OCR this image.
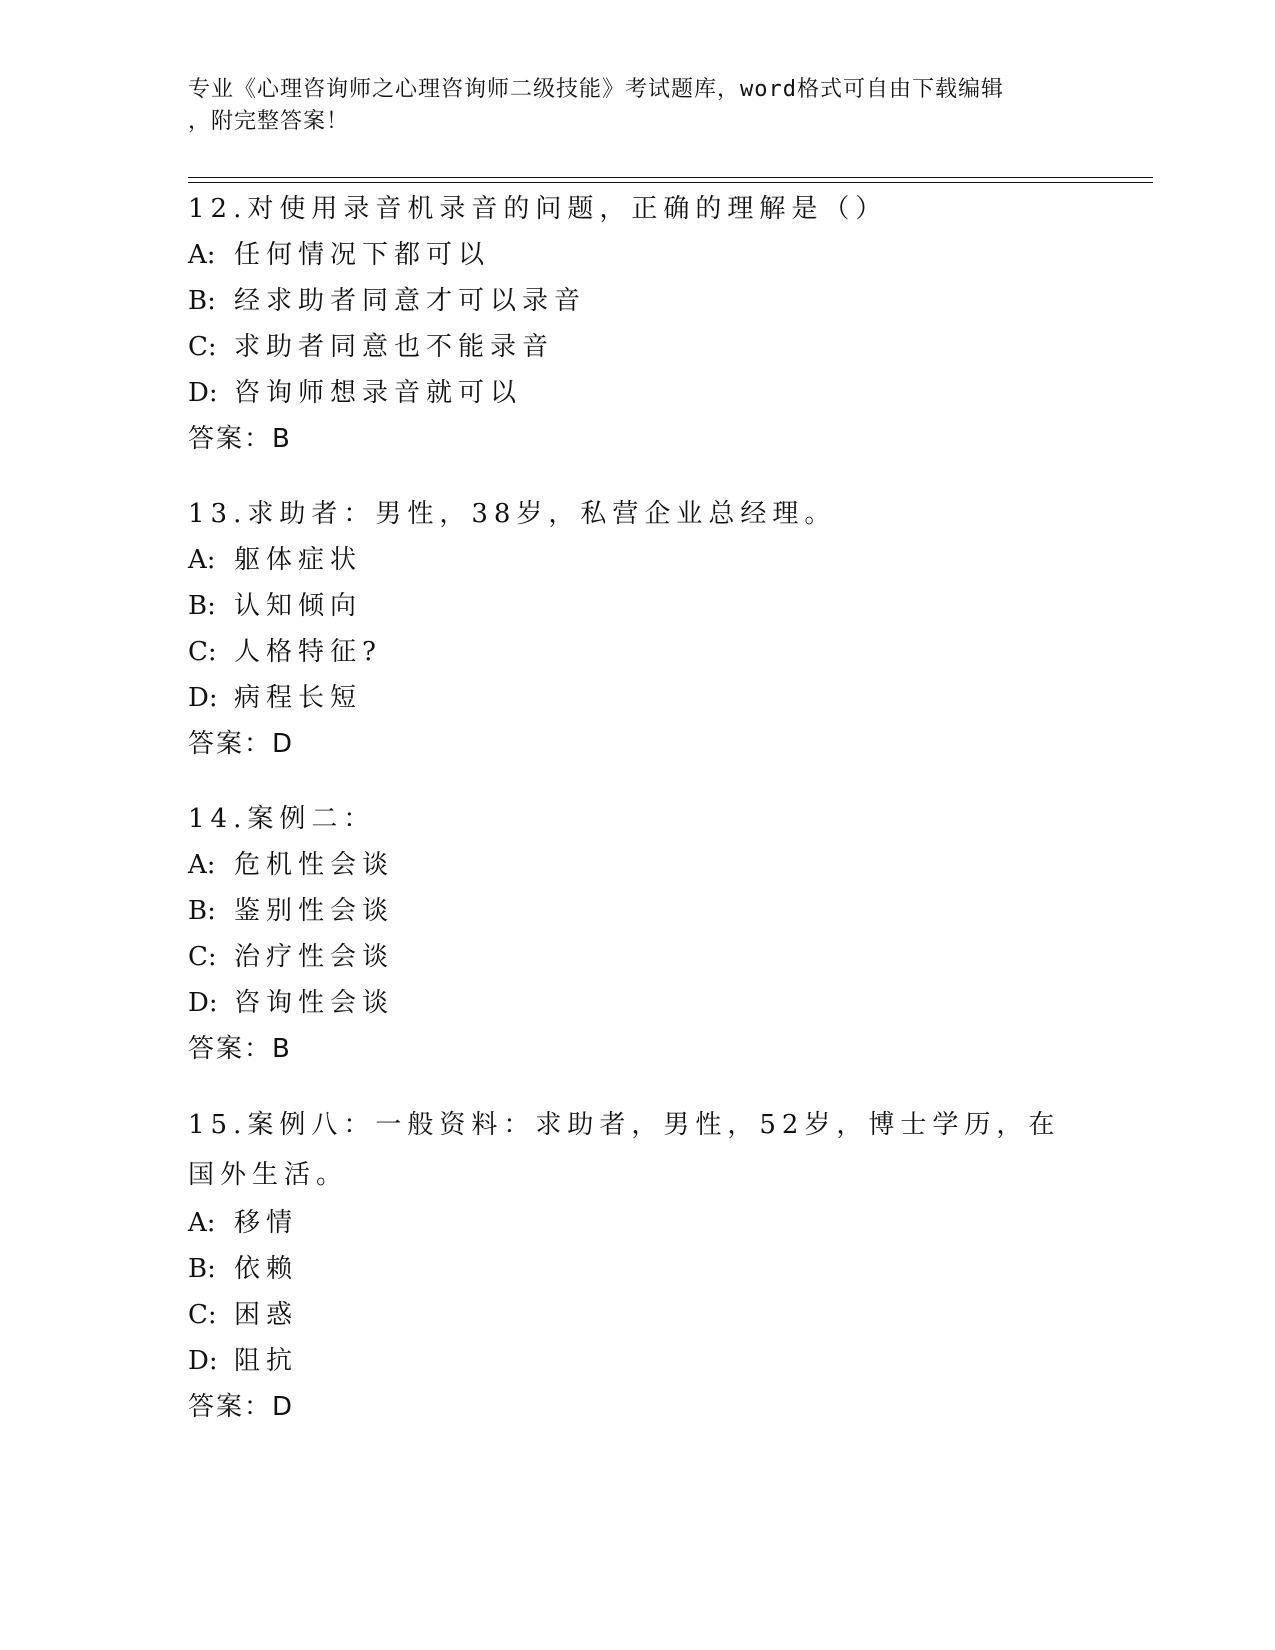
专业《心理咨询师之心理咨询师二级技能》考试题库，word格式可自由下载编辑
，附完整答案！
12.对使用录音机录音的问题，正确的理解是（）
A: 任何情况下都可以
B: 经求助者同意才可以录音
C: 求助者同意也不能录音
D: 咨询师想录音就可以
答案：B
13.求助者：男性，38岁，私营企业总经理。
A: 躯体症状
B: 认知倾向
C: 人格特征?
D: 病程长短
答案：D
14.案例二：
A: 危机性会谈
B: 鉴别性会谈
C: 治疗性会谈
D: 咨询性会谈
答案：B
15.案例八：一般资料：求助者，男性，52岁，博士学历，在国外生活。
A: 移情
B: 依赖
C: 困惑
D: 阻抗
答案：D
